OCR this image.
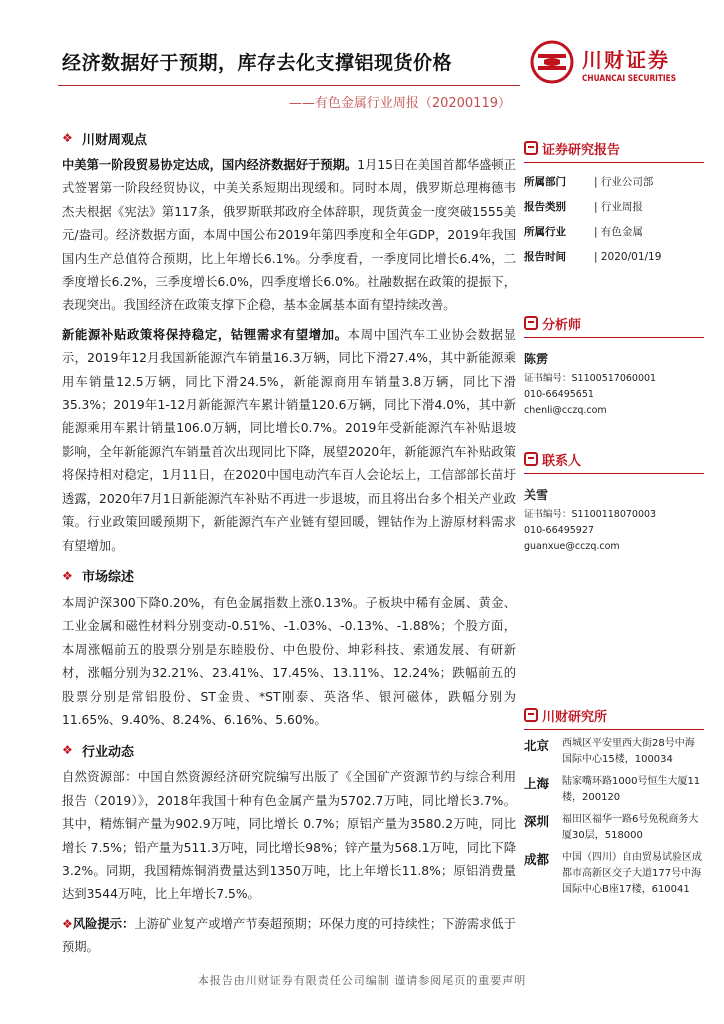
经济数据好于预期，库存去化支撑铝现货价格
——有色金属行业周报（20200119）
川财证券
CHUANCAI SECURITIES
❖ 川财周观点

中美第一阶段贸易协定达成，国内经济数据好于预期。1月15日在美国首都华盛顿正式签署第一阶段经贸协议，中美关系短期出现缓和。同时本周，俄罗斯总理梅德韦杰夫根据《宪法》第117条，俄罗斯联邦政府全体辞职，现货黄金一度突破1555美元/盎司。经济数据方面，本周中国公布2019年第四季度和全年GDP，2019年我国国内生产总值符合预期，比上年增长6.1%。分季度看，一季度同比增长6.4%，二季度增长6.2%，三季度增长6.0%，四季度增长6.0%。社融数据在政策的提振下，表现突出。我国经济在政策支撑下企稳，基本金属基本面有望持续改善。

新能源补贴政策将保持稳定，钴锂需求有望增加。本周中国汽车工业协会数据显示，2019年12月我国新能源汽车销量16.3万辆，同比下滑27.4%，其中新能源乘用车销量12.5万辆，同比下滑24.5%，新能源商用车销量3.8万辆，同比下滑35.3%；2019年1-12月新能源汽车累计销量120.6万辆，同比下滑4.0%，其中新能源乘用车累计销量106.0万辆，同比增长0.7%。2019年受新能源汽车补贴退坡影响，全年新能源汽车销量首次出现同比下降，展望2020年，新能源汽车补贴政策将保持相对稳定，1月11日，在2020中国电动汽车百人会论坛上，工信部部长苗圩透露，2020年7月1日新能源汽车补贴不再进一步退坡，而且将出台多个相关产业政策。行业政策回暖预期下，新能源汽车产业链有望回暖，锂钴作为上游原材料需求有望增加。

❖ 市场综述

本周沪深300下降0.20%，有色金属指数上涨0.13%。子板块中稀有金属、黄金、工业金属和磁性材料分别变动-0.51%、-1.03%、-0.13%、-1.88%；个股方面，本周涨幅前五的股票分别是东睦股份、中色股份、坤彩科技、索通发展、有研新材，涨幅分别为32.21%、23.41%、17.45%、13.11%、12.24%；跌幅前五的股票分别是常铝股份、ST金贵、*ST刚泰、英洛华、银河磁体，跌幅分别为11.65%、9.40%、8.24%、6.16%、5.60%。

❖ 行业动态

自然资源部：中国自然资源经济研究院编写出版了《全国矿产资源节约与综合利用报告（2019）》，2018年我国十种有色金属产量为5702.7万吨，同比增长3.7%。其中，精炼铜产量为902.9万吨，同比增长 0.7%；原铝产量为3580.2万吨，同比增长 7.5%；铅产量为511.3万吨，同比增长98%；锌产量为568.1万吨，同比下降3.2%。同期，我国精炼铜消费量达到1350万吨，比上年增长11.8%；原铝消费量达到3544万吨，比上年增长7.5%。

❖风险提示：上游矿业复产或增产节奏超预期；环保力度的可持续性；下游需求低于预期。

证券研究报告
所属部门	| 行业公司部
报告类别	| 行业周报
所属行业	| 有色金属
报告时间	| 2020/01/19
分析师
陈雳
证书编号：S1100517060001
010-66495651
chenli@cczq.com
联系人
关雪
证书编号：S1100118070003
010-66495927
guanxue@cczq.com
川财研究所
北京	西城区平安里西大街28号中海国际中心15楼，100034
上海	陆家嘴环路1000号恒生大厦11楼，200120
深圳	福田区福华一路6号免税商务大厦30层，518000
成都	中国（四川）自由贸易试验区成都市高新区交子大道177号中海国际中心B座17楼，610041
本报告由川财证券有限责任公司编制 谨请参阅尾页的重要声明
